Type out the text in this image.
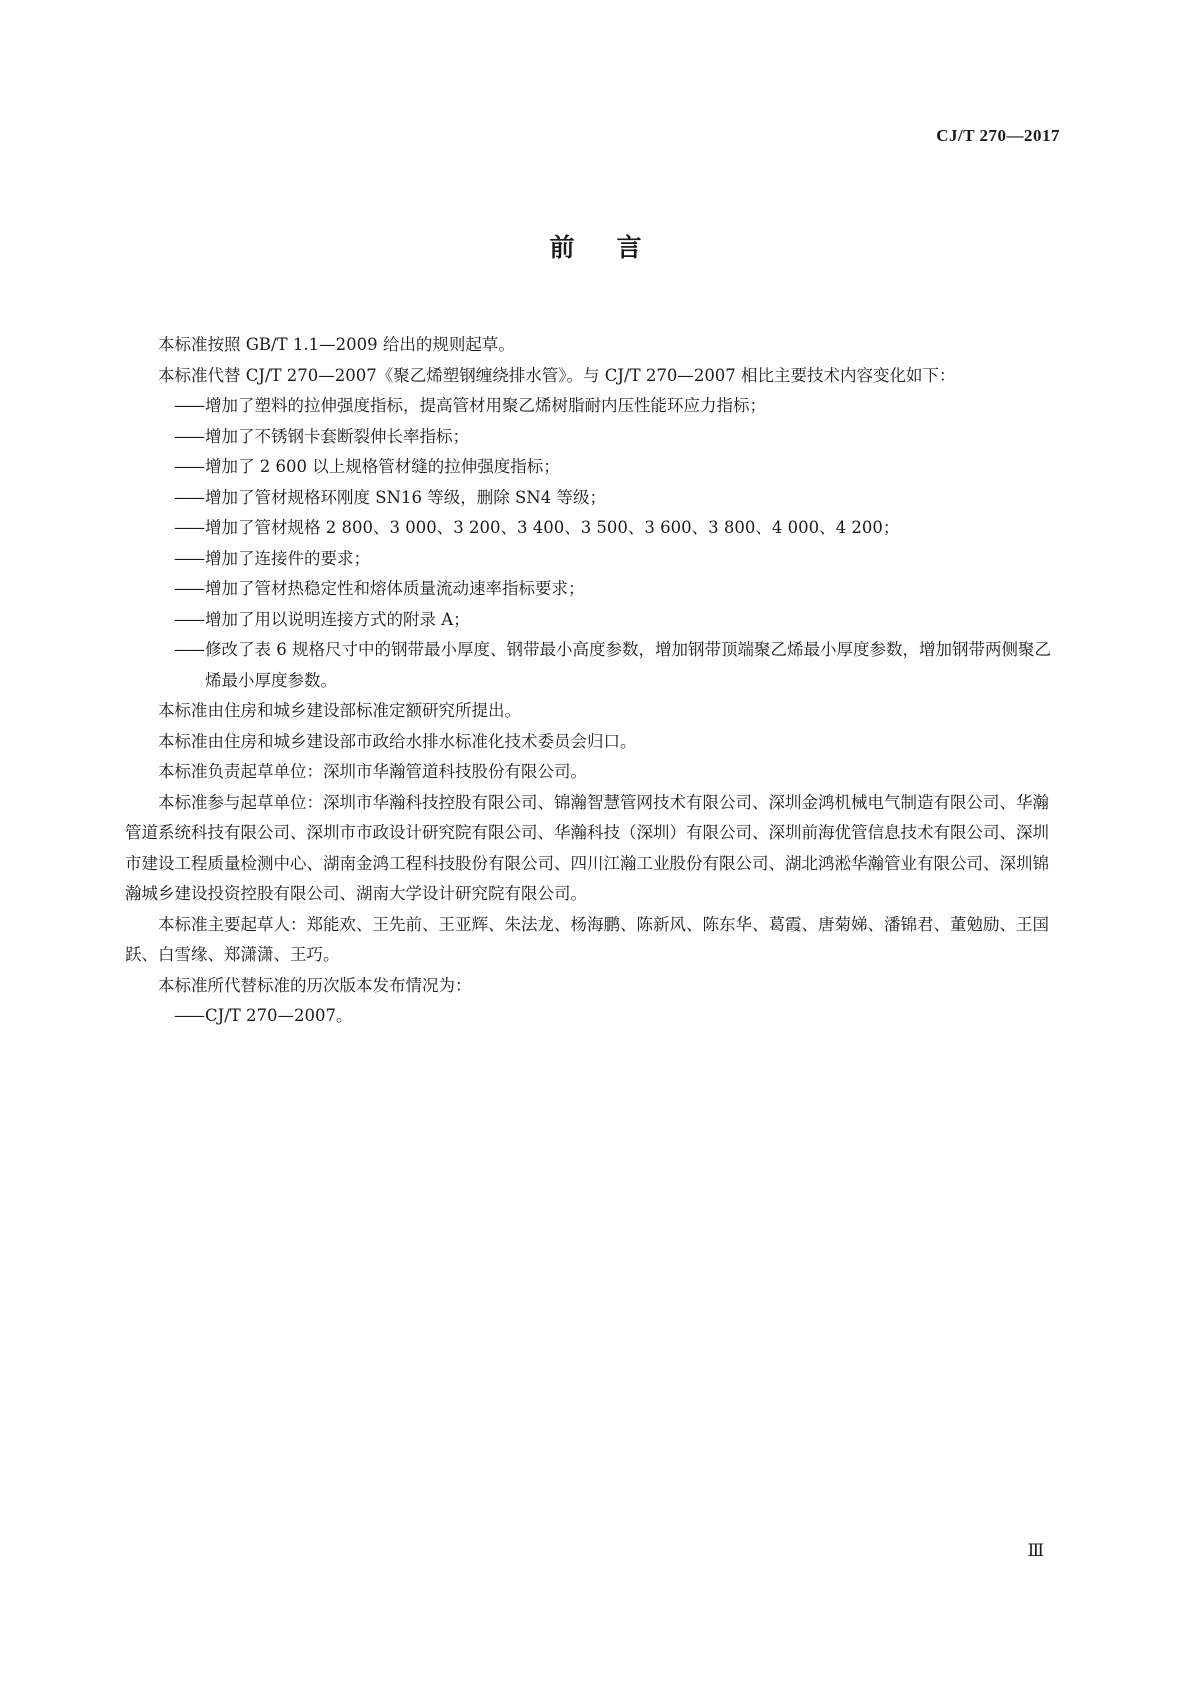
CJ/T 270—2017

前言

本标准按照 GB/T 1.1—2009 给出的规则起草。

本标准代替 CJ/T 270—2007《聚乙烯塑钢缠绕排水管》。与 CJ/T 270—2007 相比主要技术内容变化如下：

—— 增加了塑料的拉伸强度指标，提高管材用聚乙烯树脂耐内压性能环应力指标；
—— 增加了不锈钢卡套断裂伸长率指标；
—— 增加了 2 600 以上规格管材缝的拉伸强度指标；
—— 增加了管材规格环刚度 SN16 等级，删除 SN4 等级；
—— 增加了管材规格 2 800、3 000、3 200、3 400、3 500、3 600、3 800、4 000、4 200；
—— 增加了连接件的要求；
—— 增加了管材热稳定性和熔体质量流动速率指标要求；
—— 增加了用以说明连接方式的附录 A；
—— 修改了表 6 规格尺寸中的钢带最小厚度、钢带最小高度参数，增加钢带顶端聚乙烯最小厚度参数，增加钢带两侧聚乙烯最小厚度参数。

本标准由住房和城乡建设部标准定额研究所提出。

本标准由住房和城乡建设部市政给水排水标准化技术委员会归口。

本标准负责起草单位：深圳市华瀚管道科技股份有限公司。

本标准参与起草单位：深圳市华瀚科技控股有限公司、锦瀚智慧管网技术有限公司、深圳金鸿机械电气制造有限公司、华瀚管道系统科技有限公司、深圳市市政设计研究院有限公司、华瀚科技（深圳）有限公司、深圳前海优管信息技术有限公司、深圳市建设工程质量检测中心、湖南金鸿工程科技股份有限公司、四川江瀚工业股份有限公司、湖北鸿淞华瀚管业有限公司、深圳锦瀚城乡建设投资控股有限公司、湖南大学设计研究院有限公司。

本标准主要起草人：郑能欢、王先前、王亚辉、朱法龙、杨海鹏、陈新风、陈东华、葛霞、唐菊娣、潘锦君、董勉励、王国跃、白雪缘、郑潇潇、王巧。

本标准所代替标准的历次版本发布情况为：

—— CJ/T 270—2007。

Ⅲ
